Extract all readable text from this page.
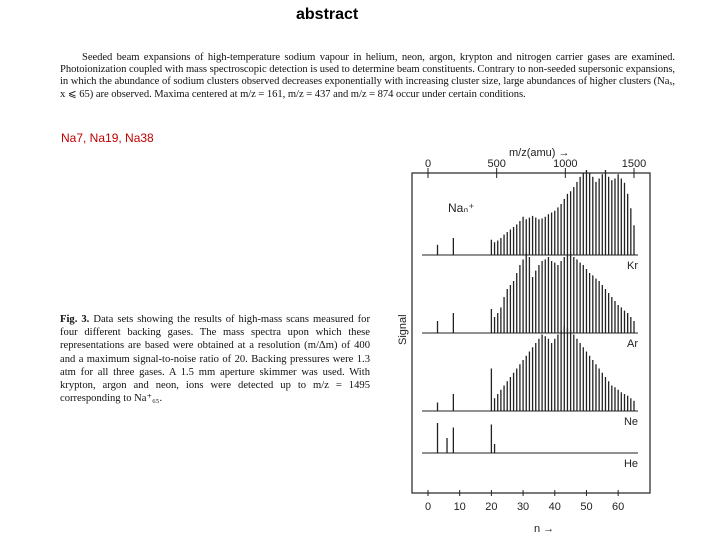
abstract

Seeded beam expansions of high-temperature sodium vapour in helium, neon, argon, krypton and nitrogen carrier gases are examined. Photoionization coupled with mass spectroscopic detection is used to determine beam constituents. Contrary to non-seeded supersonic expansions, in which the abundance of sodium clusters observed decreases exponentially with increasing cluster size, large abundances of higher clusters (Naₓ, x ⩽ 65) are observed. Maxima centered at m/z = 161, m/z = 437 and m/z = 874 occur under certain conditions.

Na7, Na19, Na38
Fig. 3. Data sets showing the results of high-mass scans measured for four different backing gases. The mass spectra upon which these representations are based were obtained at a resolution (m/Δm) of 400 and a maximum signal-to-noise ratio of 20. Backing pressures were 1.3 atm for all three gases. A 1.5 mm aperture skimmer was used. With krypton, argon and neon, ions were detected up to m/z = 1495 corresponding to Na⁺₆₅.
m/z(amu) →
0	500	1000	1500
0 10 20 30 40 50 60
n →
Signal
Naₙ⁺
Kr
Ar
Ne
He
